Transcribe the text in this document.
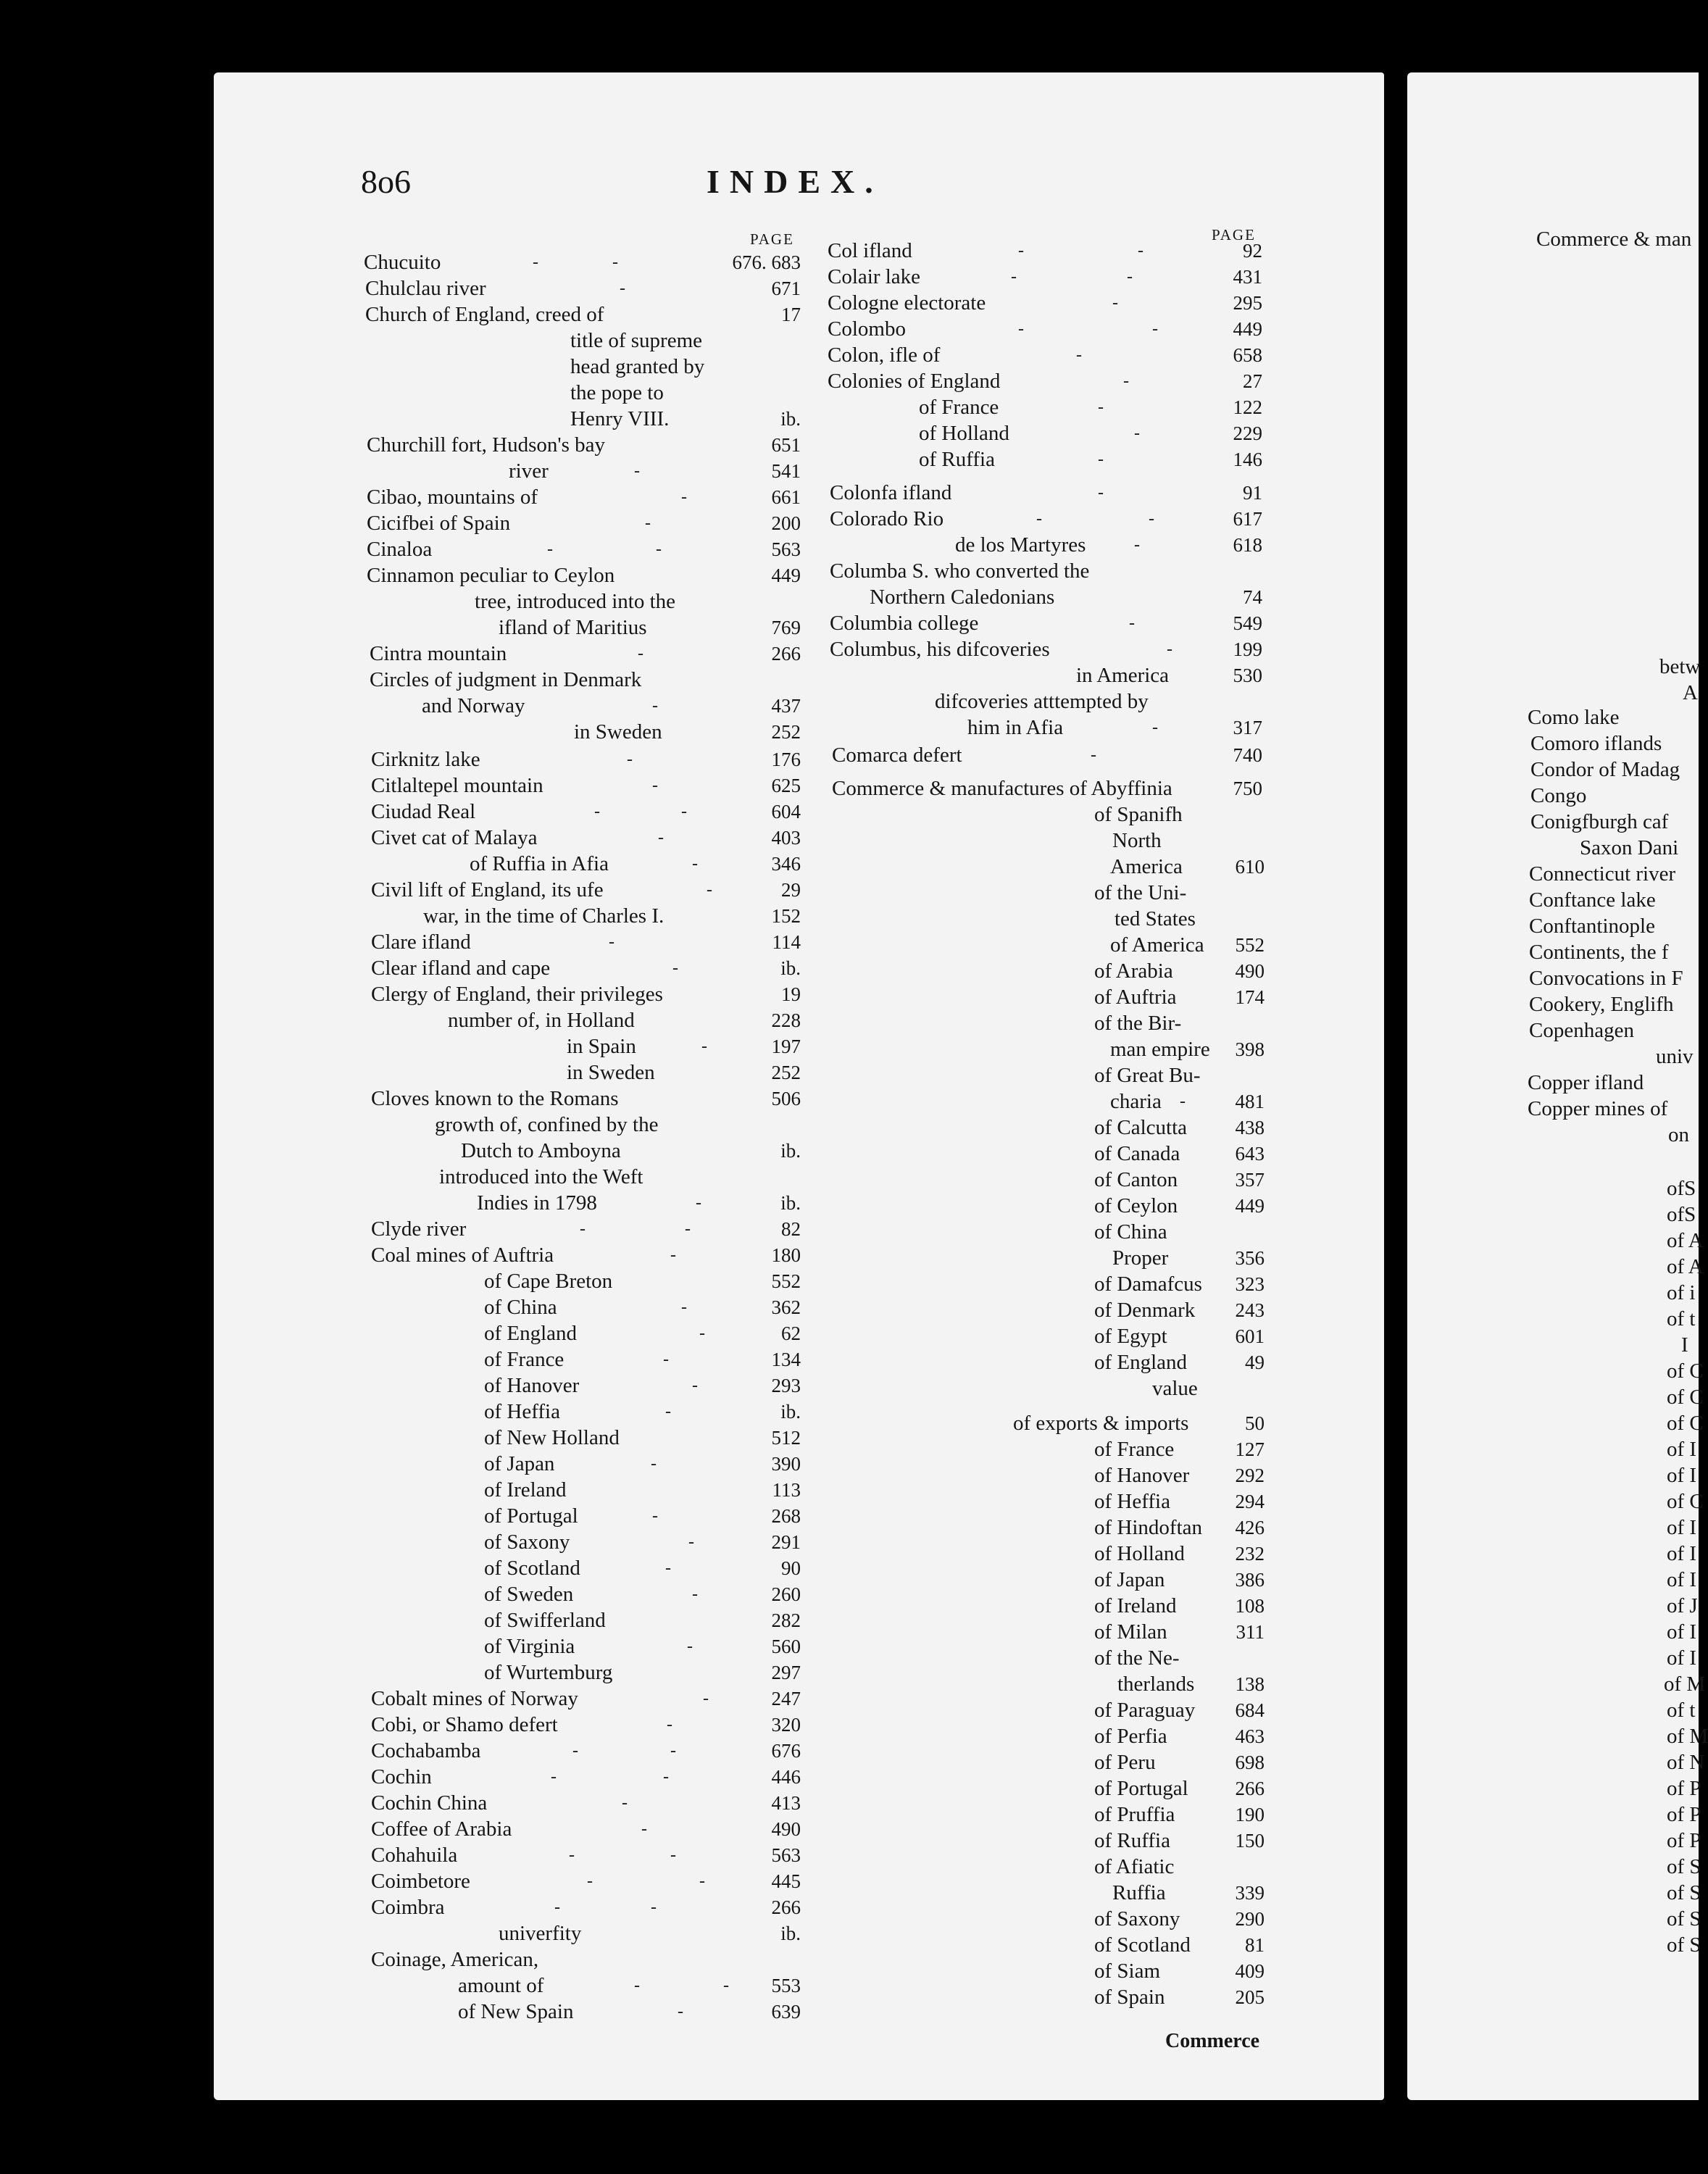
8o6	INDEX.
PAGE	PAGE
Commerce
Chucuito	-	-	676. 683
Chulclau river	-	671
Church of England, creed of	17
title of supreme
head granted by
the pope to
Henry VIII.	ib.
Churchill fort, Hudson's bay	651
river	-	541
Cibao, mountains of	-	661
Cicifbei of Spain	-	200
Cinaloa	-	-	563
Cinnamon peculiar to Ceylon	449
tree, introduced into the
ifland of Maritius	769
Cintra mountain	-	266
Circles of judgment in Denmark
and Norway	-	437
in Sweden	252
Cirknitz lake	-	176
Citlaltepel mountain	-	625
Ciudad Real	-	-	604
Civet cat of Malaya	-	403
of Ruffia in Afia	-	346
Civil lift of England, its ufe	-	29
war, in the time of Charles I.	152
Clare ifland	-	114
Clear ifland and cape	-	ib.
Clergy of England, their privileges	19
number of, in Holland	228
in Spain	-	197
in Sweden	252
Cloves known to the Romans	506
growth of, confined by the
Dutch to Amboyna	ib.
introduced into the Weft
Indies in 1798	-	ib.
Clyde river	-	-	82
Coal mines of Auftria	-	180
of Cape Breton	552
of China	-	362
of England	-	62
of France	-	134
of Hanover	-	293
of Heffia	-	ib.
of New Holland	512
of Japan	-	390
of Ireland	113
of Portugal	-	268
of Saxony	-	291
of Scotland	-	90
of Sweden	-	260
of Swifferland	282
of Virginia	-	560
of Wurtemburg	297
Cobalt mines of Norway	-	247
Cobi, or Shamo defert	-	320
Cochabamba	-	-	676
Cochin	-	-	446
Cochin China	-	413
Coffee of Arabia	-	490
Cohahuila	-	-	563
Coimbetore	-	-	445
Coimbra	-	-	266
univerfity	ib.
Coinage, American,
amount of	-	-	553
of New Spain	-	639
Col ifland	-	-	92
Colair lake	-	-	431
Cologne electorate	-	295
Colombo	-	-	449
Colon, ifle of	-	658
Colonies of England	-	27
of France	-	122
of Holland	-	229
of Ruffia	-	146
Colonfa ifland	-	91
Colorado Rio	-	-	617
de los Martyres	-	618
Columba S. who converted the
Northern Caledonians	74
Columbia college	-	549
Columbus, his difcoveries	-	199
in America	530
difcoveries atttempted by
him in Afia	-	317
Comarca defert	-	740
Commerce & manufactures of Abyffinia	750
of Spanifh
North
America	610
of the Uni-
ted States
of America	552
of Arabia	490
of Auftria	174
of the Bir-
man empire	398
of Great Bu-
charia -	481
of Calcutta	438
of Canada	643
of Canton	357
of Ceylon	449
of China
Proper	356
of Damafcus	323
of Denmark	243
of Egypt	601
of England	49
value
of exports & imports	50
of France	127
of Hanover	292
of Heffia	294
of Hindoftan	426
of Holland	232
of Japan	386
of Ireland	108
of Milan	311
of the Ne-
therlands	138
of Paraguay	684
of Perfia	463
of Peru	698
of Portugal	266
of Pruffia	190
of Ruffia	150
of Afiatic
Ruffia	339
of Saxony	290
of Scotland	81
of Siam	409
of Spain	205
Commerce & man
betw
A
Como lake
Comoro iflands
Condor of Madag
Congo
Conigfburgh caf
Saxon Dani
Connecticut river
Conftance lake
Conftantinople
Continents, the f
Convocations in F
Cookery, Englifh
Copenhagen
univ
Copper ifland
Copper mines of
on
ofS
ofS
of A
of A
of i
of t
I
of C
of C
of C
of I
of I
of C
of I
of I
of I
of J
of I
of I
of M
of t
of M
of N
of P
of P
of P
of S
of S
of S
of S
